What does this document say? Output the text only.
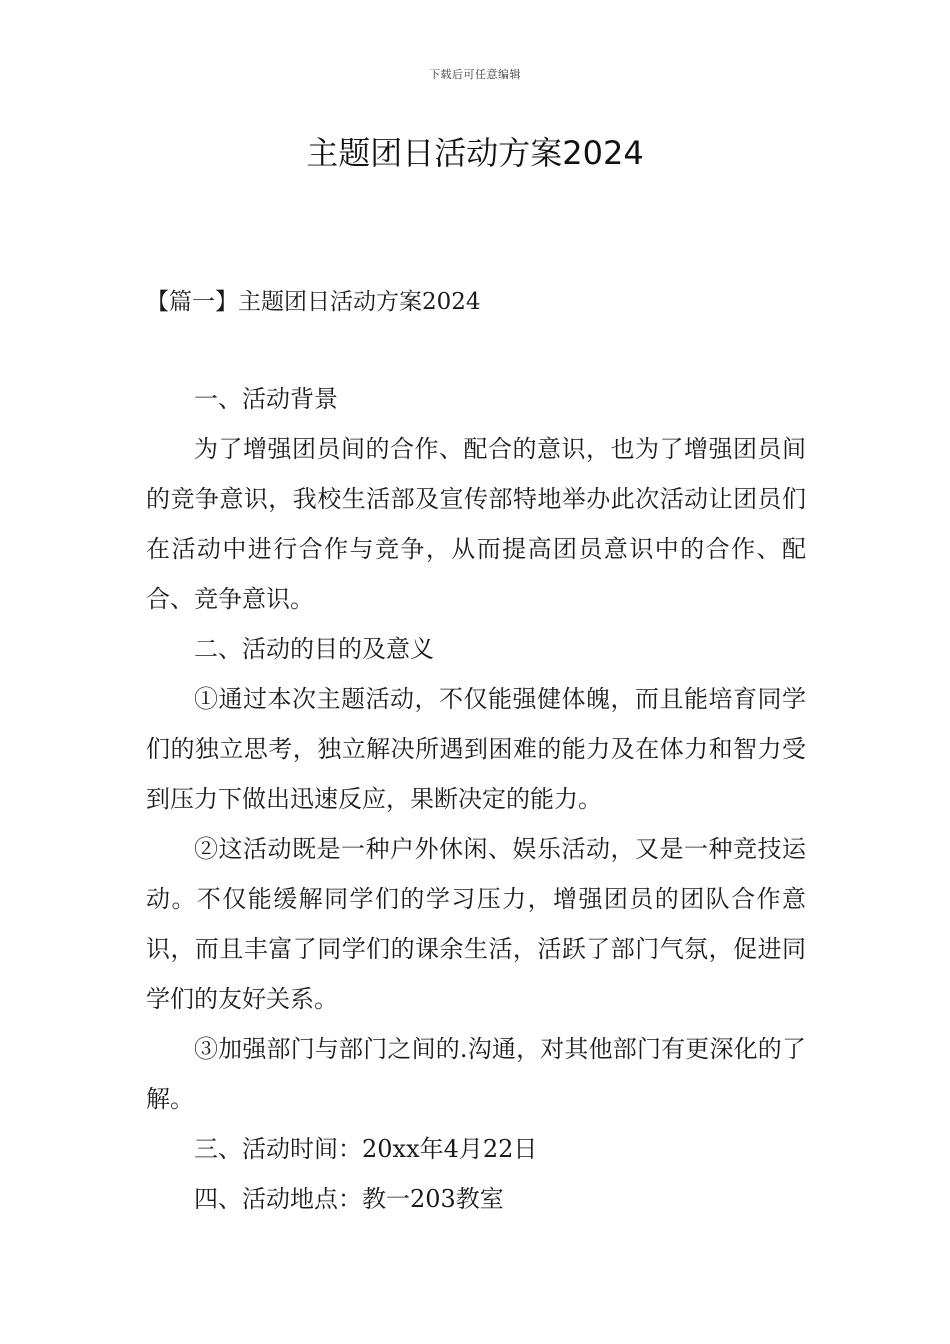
下载后可任意编辑
主题团日活动方案2024
【篇一】主题团日活动方案2024

一、活动背景

为了增强团员间的合作、配合的意识，也为了增强团员间的竞争意识，我校生活部及宣传部特地举办此次活动让团员们在活动中进行合作与竞争，从而提高团员意识中的合作、配合、竞争意识。

二、活动的目的及意义

①通过本次主题活动，不仅能强健体魄，而且能培育同学们的独立思考，独立解决所遇到困难的能力及在体力和智力受到压力下做出迅速反应，果断决定的能力。

②这活动既是一种户外休闲、娱乐活动，又是一种竞技运动。不仅能缓解同学们的学习压力，增强团员的团队合作意识，而且丰富了同学们的课余生活，活跃了部门气氛，促进同学们的友好关系。

③加强部门与部门之间的.沟通，对其他部门有更深化的了解。

三、活动时间：20xx年4月22日

四、活动地点：教一203教室
